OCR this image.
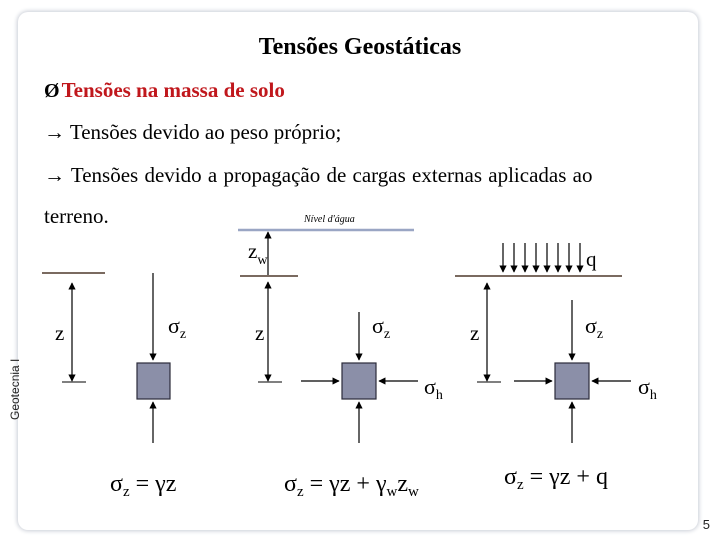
Tensões Geostáticas
ØTensões na massa de solo
→ Tensões devido ao peso próprio;
→ Tensões devido a propagação de cargas externas aplicadas ao
terreno.
Geotecnia I
5
z	$\sigma_z$
$\sigma_z = \gamma z$
Nível d'água
$z_w$
z	$\sigma_z$
$\sigma_h$
$\sigma_z = \gamma z + \gamma_wz_w$
q
z	$\sigma_z$
$\sigma_h$
$\sigma_z = \gamma z + q$
